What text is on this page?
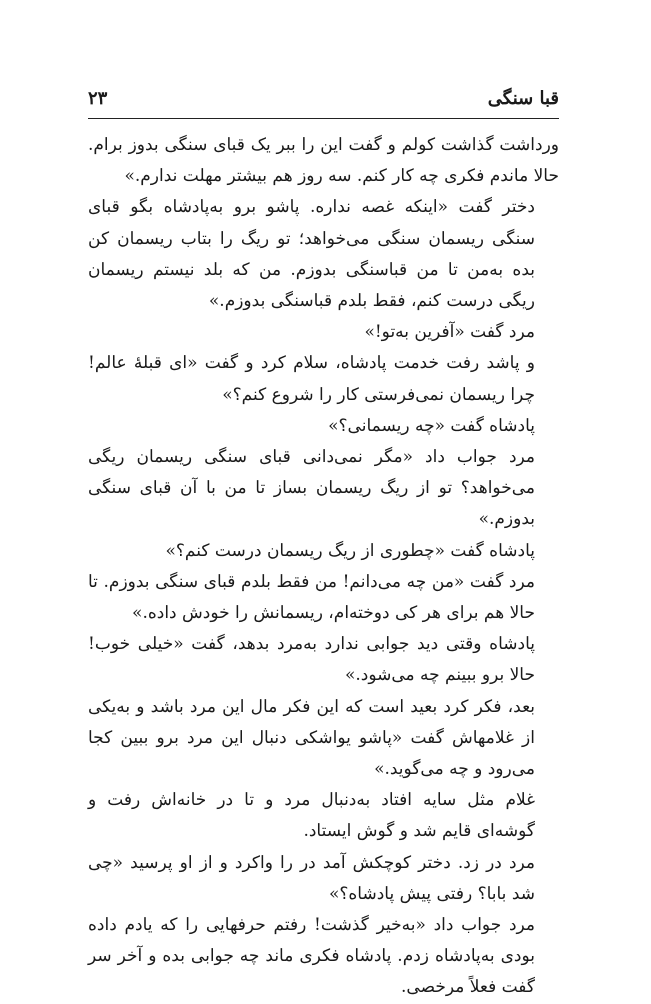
قبا سنگی
۲۳

ورداشت گذاشت کولم و گفت این را ببر یک قبای سنگی بدوز برام. حالا ماندم فکری چه کار کنم. سه روز هم بیشتر مهلت ندارم.»

دختر گفت «اینکه غصه نداره. پاشو برو به‌پادشاه بگو قبای سنگی ریسمان سنگی می‌خواهد؛ تو ریگ را بتاب ریسمان کن بده به‌من تا من قباسنگی بدوزم. من که بلد نیستم ریسمان ریگی درست کنم، فقط بلدم قباسنگی بدوزم.»

مرد گفت «آفرین به‌تو!»

و پاشد رفت خدمت پادشاه، سلام کرد و گفت «ای قبلهٔ عالم! چرا ریسمان نمی‌فرستی کار را شروع کنم؟»

پادشاه گفت «چه ریسمانی؟»

مرد جواب داد «مگر نمی‌دانی قبای سنگی ریسمان ریگی می‌خواهد؟ تو از ریگ ریسمان بساز تا من با آن قبای سنگی بدوزم.»

پادشاه گفت «چطوری از ریگ ریسمان درست کنم؟»

مرد گفت «من چه می‌دانم! من فقط بلدم قبای سنگی بدوزم. تا حالا هم برای هر کی دوخته‌ام، ریسمانش را خودش داده.»

پادشاه وقتی دید جوابی ندارد به‌مرد بدهد، گفت «خیلی خوب! حالا برو ببینم چه می‌شود.»

بعد، فکر کرد بعید است که این فکر مال این مرد باشد و به‌یکی از غلامهاش گفت «پاشو یواشکی دنبال این مرد برو ببین کجا می‌رود و چه می‌گوید.»

غلام مثل سایه افتاد به‌دنبال مرد و تا در خانه‌اش رفت و گوشه‌ای قایم شد و گوش ایستاد.

مرد در زد. دختر کوچکش آمد در را واکرد و از او پرسید «چی شد بابا؟ رفتی پیش پادشاه؟»

مرد جواب داد «به‌خیر گذشت! رفتم حرفهایی را که یادم داده بودی به‌پادشاه زدم. پادشاه فکری ماند چه جوابی بده و آخر سر گفت فعلاً مرخصی.
